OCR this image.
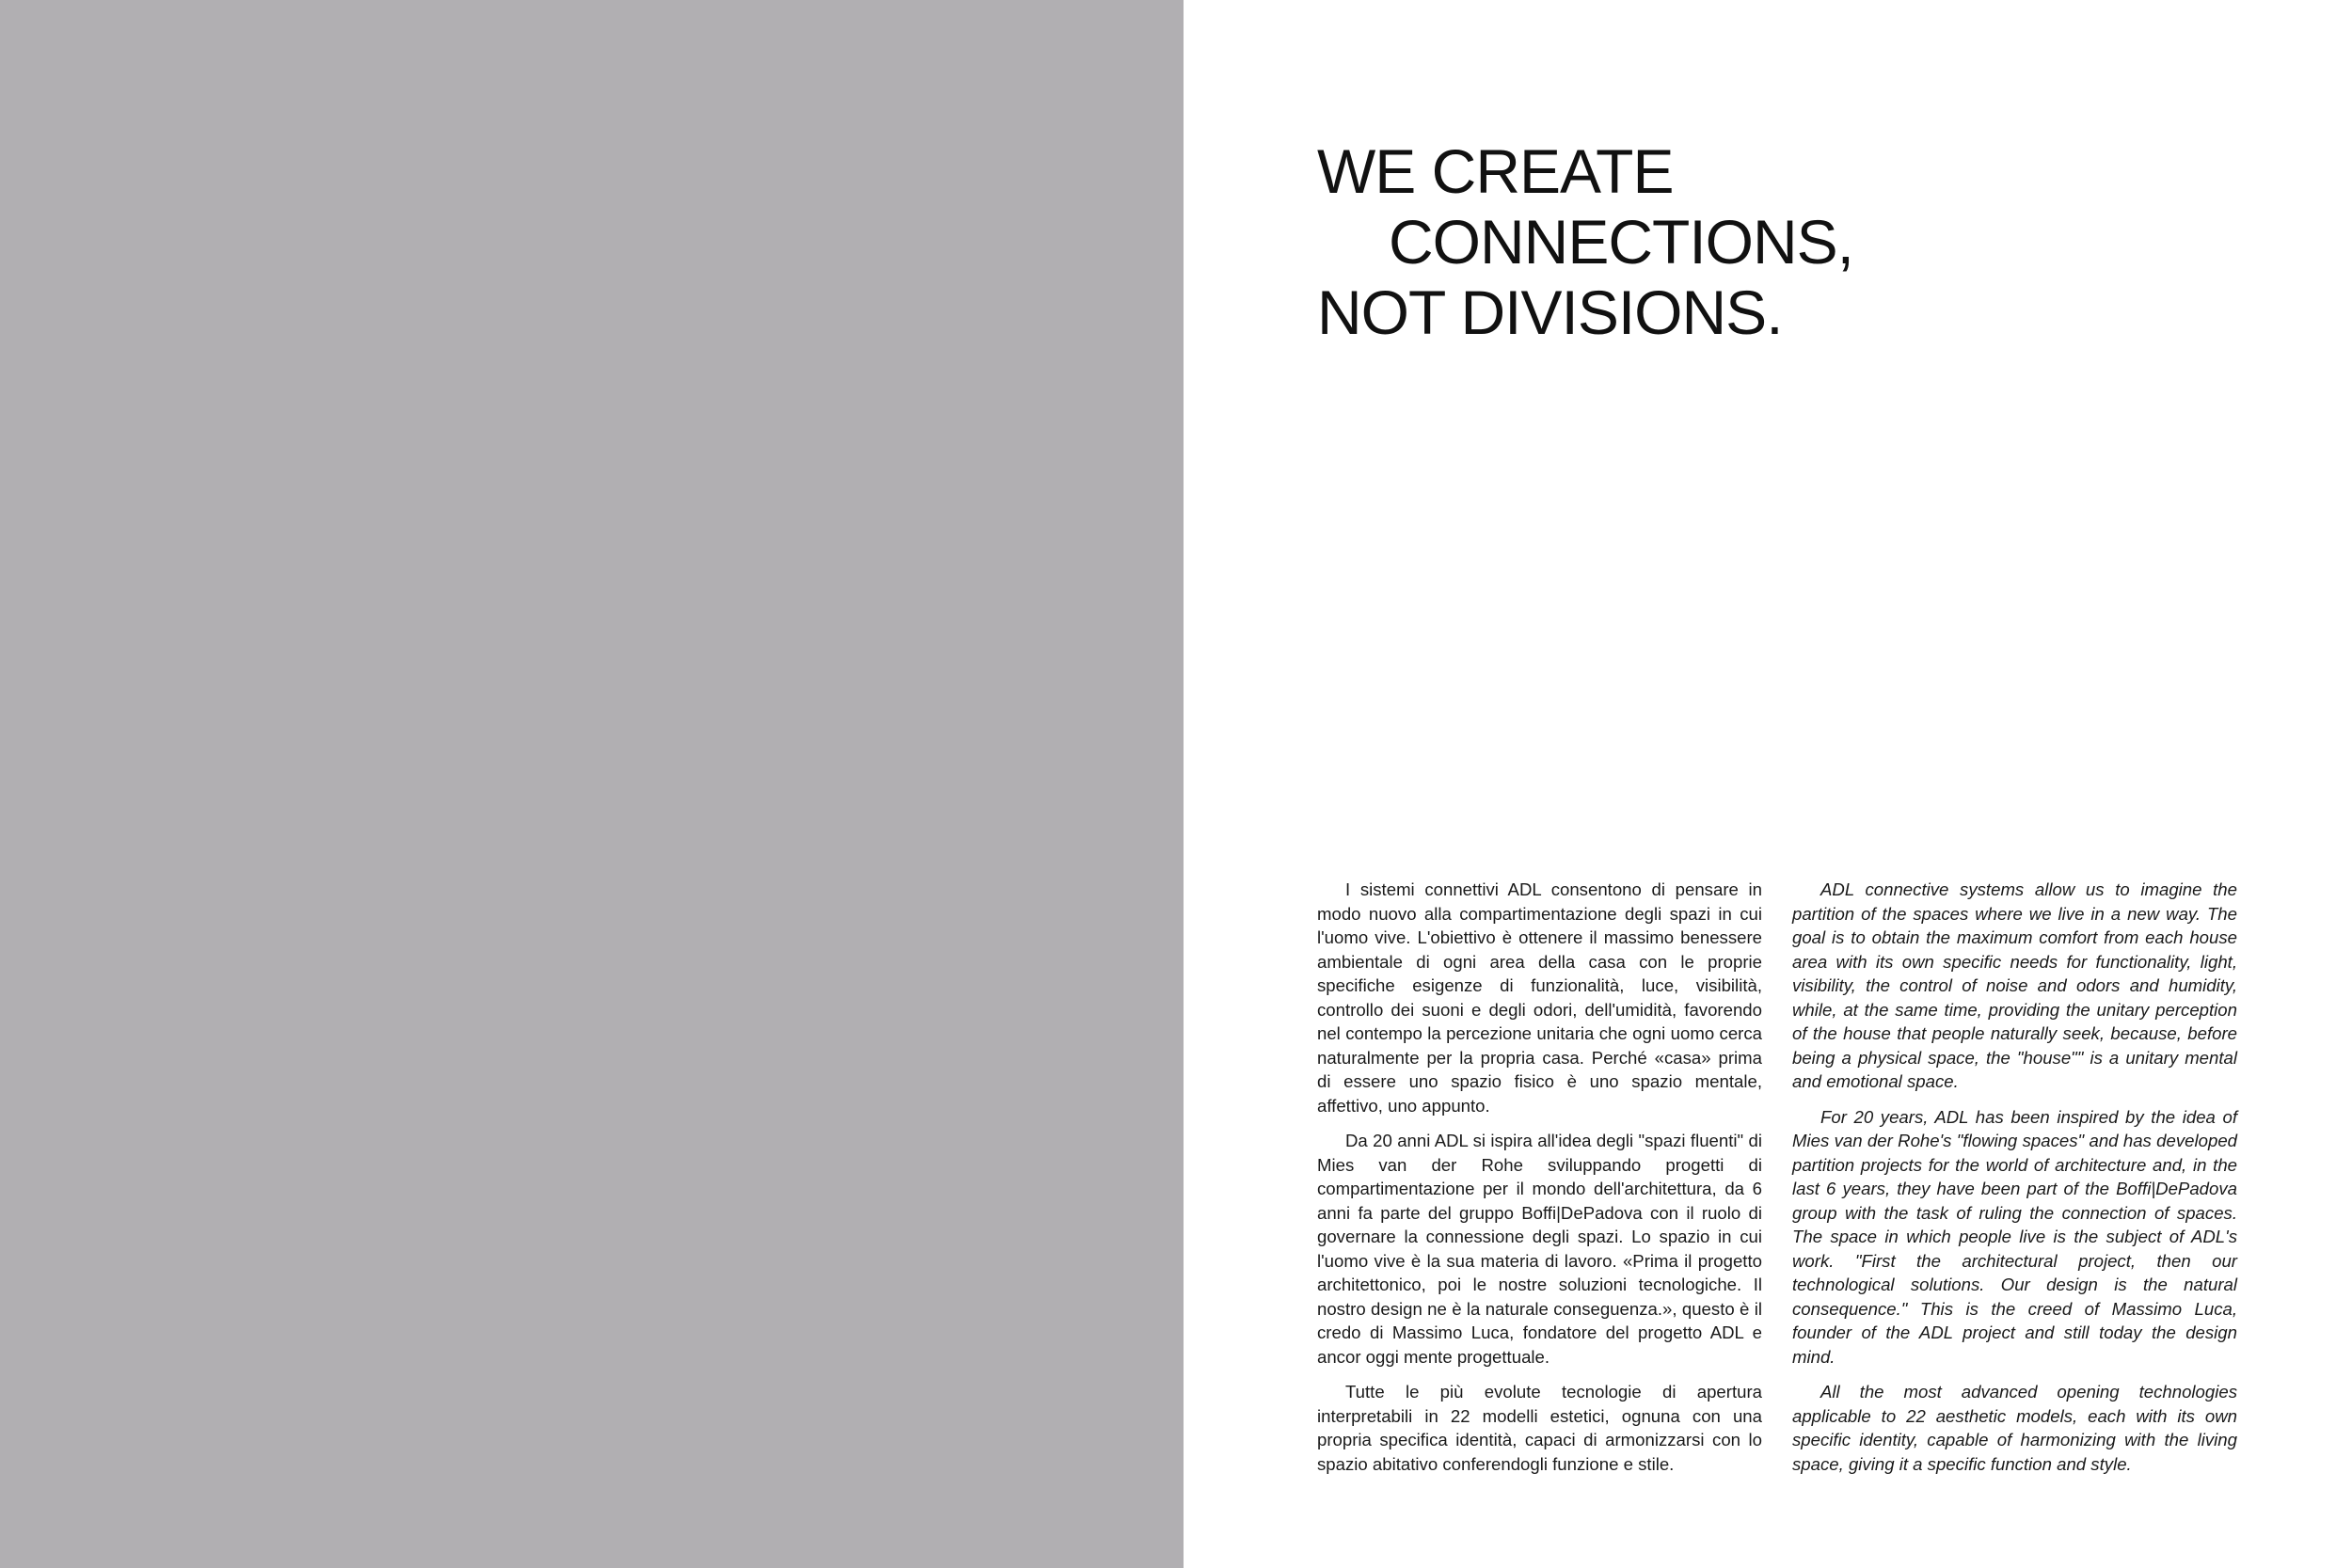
WE CREATE
CONNECTIONS,
NOT DIVISIONS.

I sistemi connettivi ADL consentono di pensare in modo nuovo alla compartimentazione degli spazi in cui l'uomo vive. L'obiettivo è ottenere il massimo benessere ambientale di ogni area della casa con le proprie specifiche esigenze di funzionalità, luce, visibilità, controllo dei suoni e degli odori, dell'umidità, favorendo nel contempo la percezione unitaria che ogni uomo cerca naturalmente per la propria casa. Perché «casa» prima di essere uno spazio fisico è uno spazio mentale, affettivo, uno appunto.

Da 20 anni ADL si ispira all'idea degli "spazi fluenti" di Mies van der Rohe sviluppando progetti di compartimentazione per il mondo dell'architettura, da 6 anni fa parte del gruppo Boffi|DePadova con il ruolo di governare la connessione degli spazi. Lo spazio in cui l'uomo vive è la sua materia di lavoro. «Prima il progetto architettonico, poi le nostre soluzioni tecnologiche. Il nostro design ne è la naturale conseguenza.», questo è il credo di Massimo Luca, fondatore del progetto ADL e ancor oggi mente progettuale.

Tutte le più evolute tecnologie di apertura interpretabili in 22 modelli estetici, ognuna con una propria specifica identità, capaci di armonizzarsi con lo spazio abitativo conferendogli funzione e stile.

ADL connective systems allow us to imagine the partition of the spaces where we live in a new way. The goal is to obtain the maximum comfort from each house area with its own specific needs for functionality, light, visibility, the control of noise and odors and humidity, while, at the same time, providing the unitary perception of the house that people naturally seek, because, before being a physical space, the "house"" is a unitary mental and emotional space.

For 20 years, ADL has been inspired by the idea of Mies van der Rohe's "flowing spaces" and has developed partition projects for the world of architecture and, in the last 6 years, they have been part of the Boffi|DePadova group with the task of ruling the connection of spaces. The space in which people live is the subject of ADL's work. "First the architectural project, then our technological solutions. Our design is the natural consequence." This is the creed of Massimo Luca, founder of the ADL project and still today the design mind.

All the most advanced opening technologies applicable to 22 aesthetic models, each with its own specific identity, capable of harmonizing with the living space, giving it a specific function and style.
